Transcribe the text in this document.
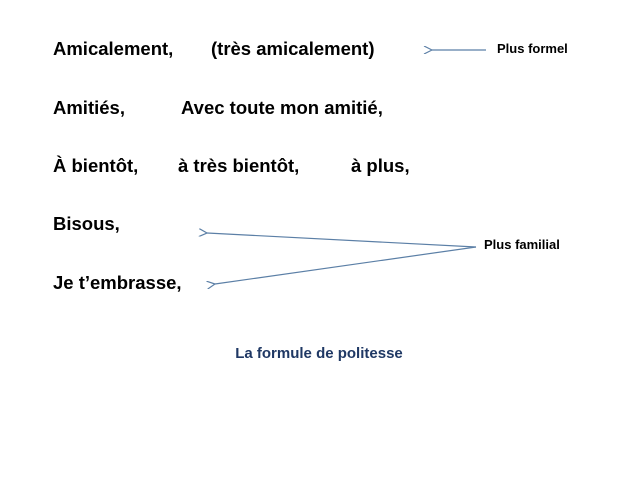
Amicalement,

(très amicalement)

Amitiés,

	Avec toute mon amitié,

À bientôt,

à très bientôt,

	à plus,

Bisous,

Je t’embrasse,

Plus formel
Plus familial
La formule de politesse
